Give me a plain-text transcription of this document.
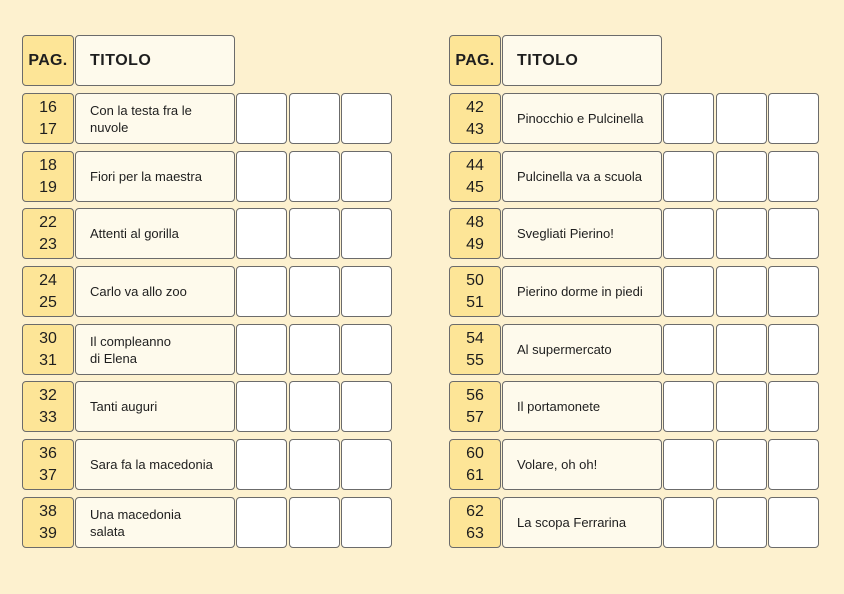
PAG.	TITOLO
16
17
Con la testa fra le
nuvole
18
19
Fiori per la maestra
22
23
Attenti al gorilla
24
25
Carlo va allo zoo
30
31
Il compleanno
di Elena
32
33
Tanti auguri
36
37
Sara fa la macedonia
38
39
Una macedonia
salata
PAG.	TITOLO
42
43
Pinocchio e Pulcinella
44
45
Pulcinella va a scuola
48
49
Svegliati Pierino!
50
51
Pierino dorme in piedi
54
55
Al supermercato
56
57
Il portamonete
60
61
Volare, oh oh!
62
63
La scopa Ferrarina
